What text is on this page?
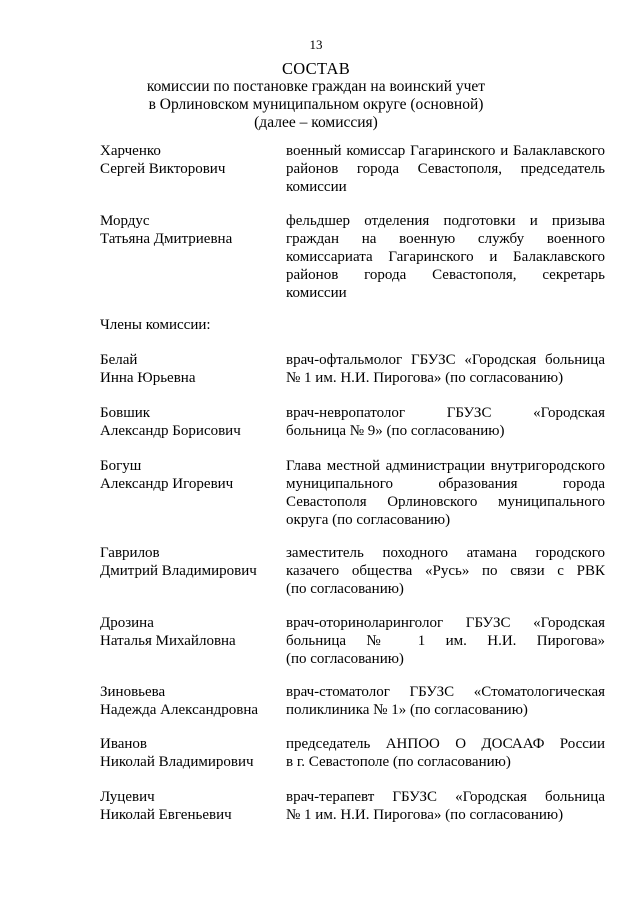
13
СОСТАВ
комиссии по постановке граждан на воинский учет
в Орлиновском муниципальном округе (основной)
(далее – комиссия)
Харченко
Сергей Викторович
военный комиссар Гагаринского и Балаклавского
районов города Севастополя, председатель
комиссии
Мордус
Татьяна Дмитриевна
фельдшер отделения подготовки и призыва
граждан на военную службу военного
комиссариата Гагаринского и Балаклавского
районов города Севастополя, секретарь
комиссии
Члены комиссии:
Белай
Инна Юрьевна
врач-офтальмолог ГБУЗС «Городская больница
№ 1 им. Н.И. Пирогова» (по согласованию)
Бовшик
Александр Борисович
врач-невропатолог ГБУЗС «Городская
больница № 9» (по согласованию)
Богуш
Александр Игоревич
Глава местной администрации внутригородского
муниципального образования города
Севастополя Орлиновского муниципального
округа (по согласованию)
Гаврилов
Дмитрий Владимирович
заместитель походного атамана городского
казачего общества «Русь» по связи с РВК
(по согласованию)
Дрозина
Наталья Михайловна
врач-оториноларинголог ГБУЗС «Городская
больница № 1 им. Н.И. Пирогова»
(по согласованию)
Зиновьева
Надежда Александровна
врач-стоматолог ГБУЗС «Стоматологическая
поликлиника № 1» (по согласованию)
Иванов
Николай Владимирович
председатель АНПОО О ДОСААФ России
в г. Севастополе (по согласованию)
Луцевич
Николай Евгеньевич
врач-терапевт ГБУЗС «Городская больница
№ 1 им. Н.И. Пирогова» (по согласованию)
